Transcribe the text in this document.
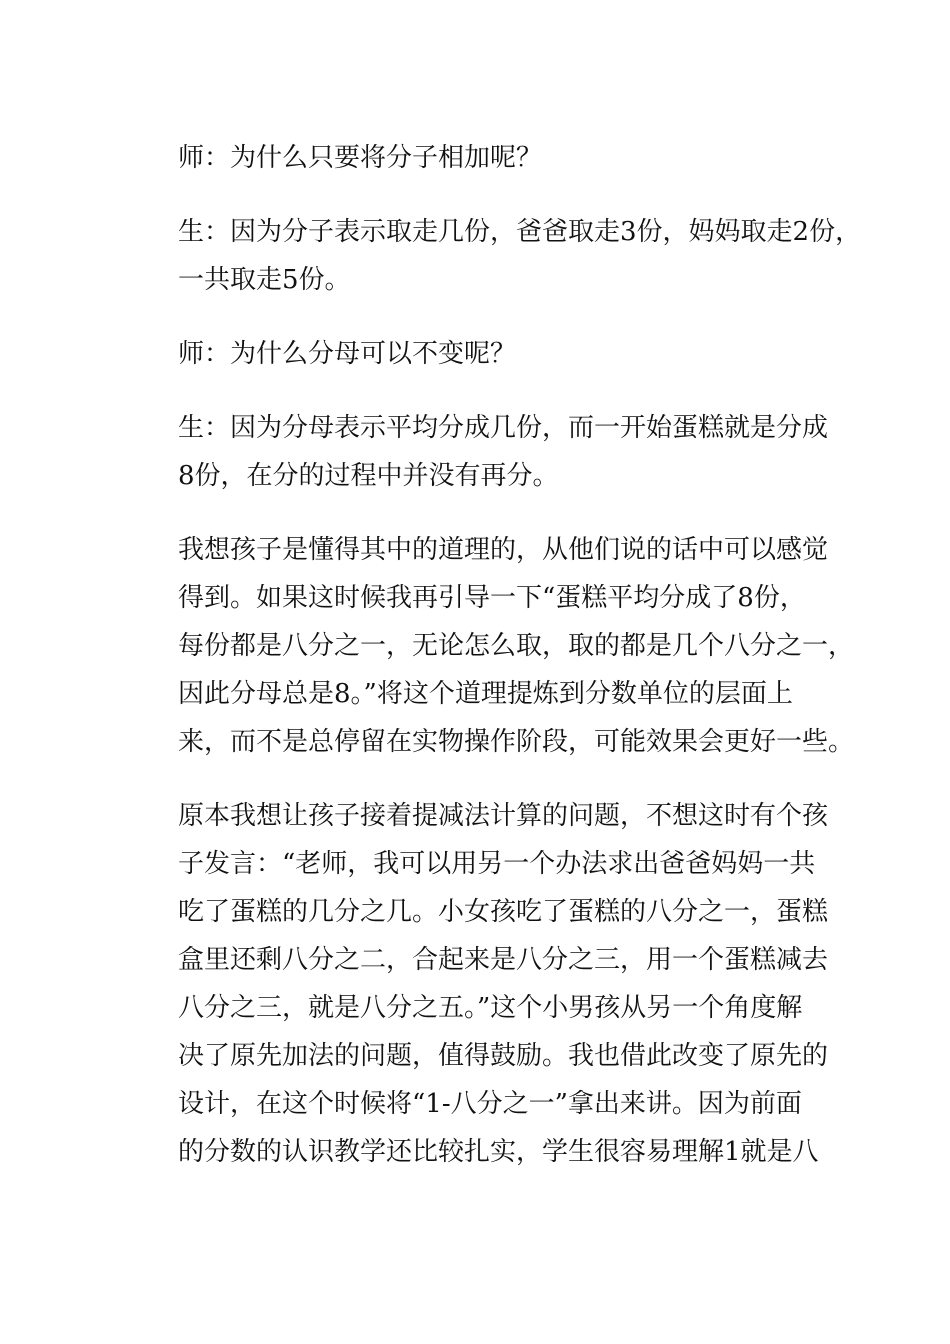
师：为什么只要将分子相加呢？

生：因为分子表示取走几份，爸爸取走3份，妈妈取走2份，
一共取走5份。

师：为什么分母可以不变呢？

生：因为分母表示平均分成几份，而一开始蛋糕就是分成
8份，在分的过程中并没有再分。

我想孩子是懂得其中的道理的，从他们说的话中可以感觉
得到。如果这时候我再引导一下“蛋糕平均分成了8份，
每份都是八分之一，无论怎么取，取的都是几个八分之一，
因此分母总是8。”将这个道理提炼到分数单位的层面上
来，而不是总停留在实物操作阶段，可能效果会更好一些。

原本我想让孩子接着提减法计算的问题，不想这时有个孩
子发言：“老师，我可以用另一个办法求出爸爸妈妈一共
吃了蛋糕的几分之几。小女孩吃了蛋糕的八分之一，蛋糕
盒里还剩八分之二，合起来是八分之三，用一个蛋糕减去
八分之三，就是八分之五。”这个小男孩从另一个角度解
决了原先加法的问题，值得鼓励。我也借此改变了原先的
设计，在这个时候将“1-八分之一”拿出来讲。因为前面
的分数的认识教学还比较扎实，学生很容易理解1就是八
